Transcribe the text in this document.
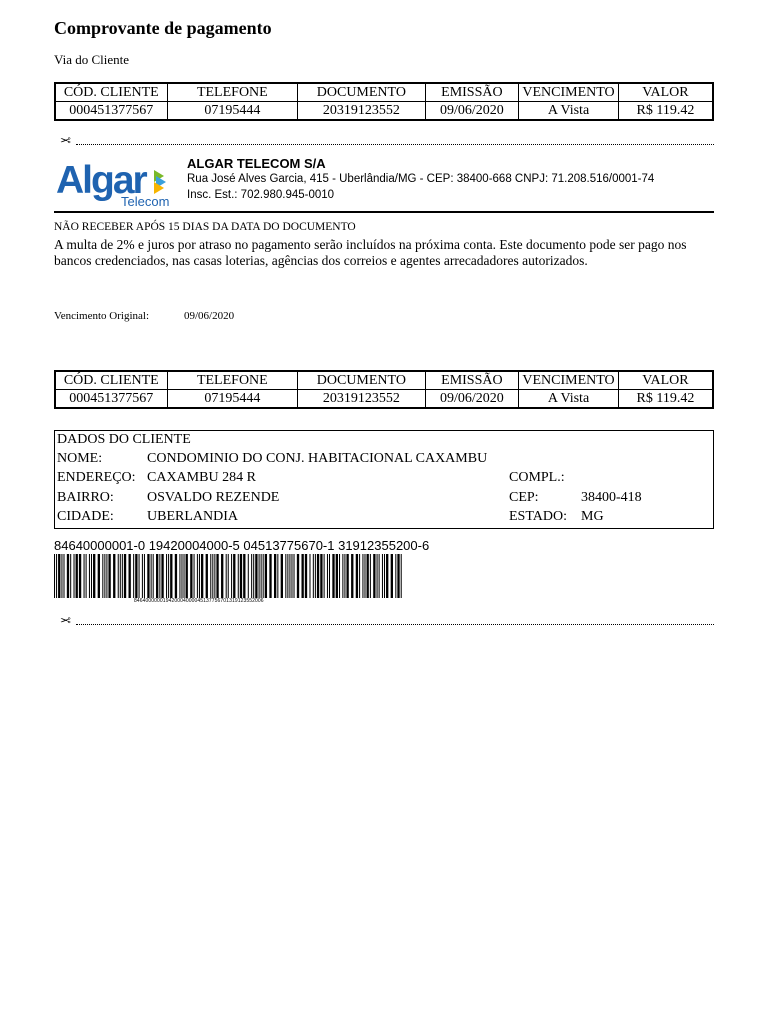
Comprovante de pagamento
Via do Cliente
CÓD. CLIENTE	TELEFONE	DOCUMENTO	EMISSÃO	VENCIMENTO	VALOR
000451377567	07195444	20319123552	09/06/2020	A Vista	R$ 119.42
✂
Algar
Telecom
ALGAR TELECOM S/A
Rua José Alves Garcia, 415 - Uberlândia/MG - CEP: 38400-668 CNPJ: 71.208.516/0001-74
Insc. Est.: 702.980.945-0010
NÃO RECEBER APÓS 15 DIAS DA DATA DO DOCUMENTO
A multa de 2% e juros por atraso no pagamento serão incluídos na próxima conta. Este documento pode ser pago nos bancos credenciados, nas casas loterias, agências dos correios e agentes arrecadadores autorizados.
Vencimento Original:	09/06/2020
CÓD. CLIENTE	TELEFONE	DOCUMENTO	EMISSÃO	VENCIMENTO	VALOR
000451377567	07195444	20319123552	09/06/2020	A Vista	R$ 119.42
DADOS DO CLIENTE
NOME:	CONDOMINIO DO CONJ. HABITACIONAL CAXAMBU
ENDEREÇO: CAXAMBU 284 R	COMPL.:
BAIRRO: OSVALDO REZENDE	CEP:	38400-418
CIDADE: UBERLANDIA	ESTADO: MG
84640000001-0 19420004000-5 04513775670-1 31912355200-6
846400000019420004000045137756701319123552006
✂
